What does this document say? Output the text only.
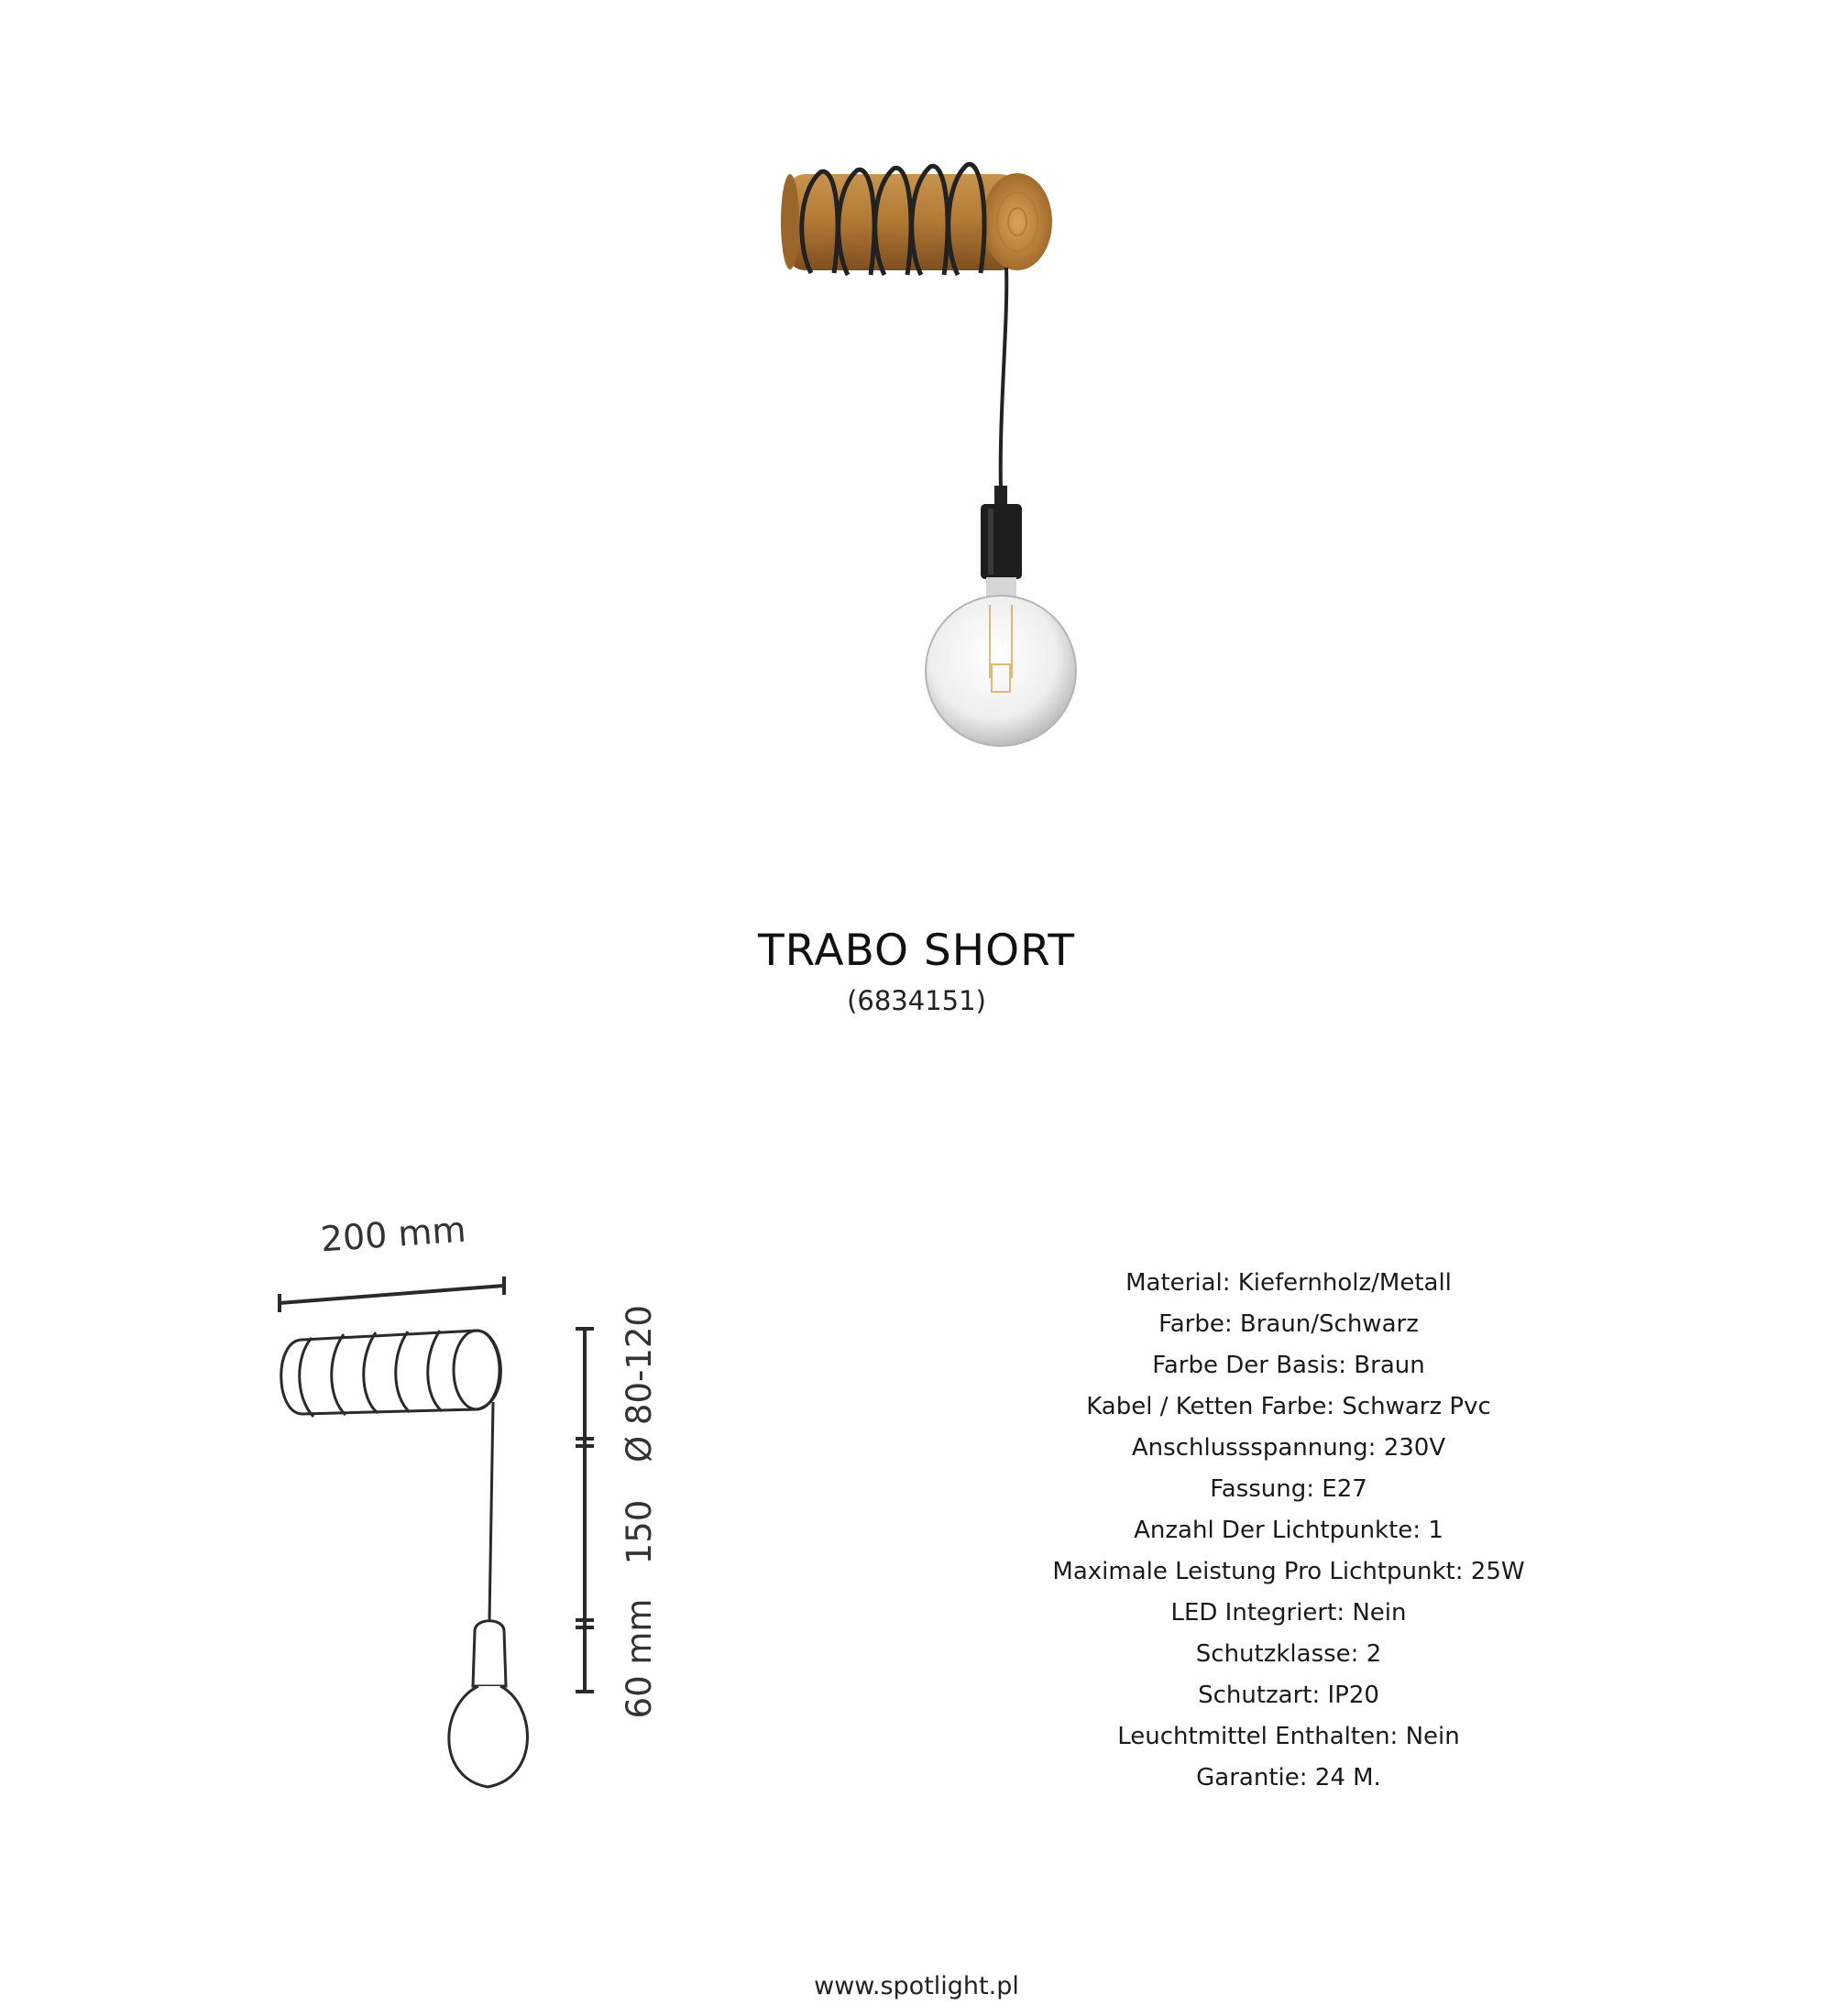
TRABO SHORT
(6834151)
200 mm
Ø 80-120
150
60 mm
Material: Kiefernholz/Metall
Farbe: Braun/Schwarz
Farbe Der Basis: Braun
Kabel / Ketten Farbe: Schwarz Pvc
Anschlussspannung: 230V
Fassung: E27
Anzahl Der Lichtpunkte: 1
Maximale Leistung Pro Lichtpunkt: 25W
LED Integriert: Nein
Schutzklasse: 2
Schutzart: IP20
Leuchtmittel Enthalten: Nein
Garantie: 24 M.
www.spotlight.pl
